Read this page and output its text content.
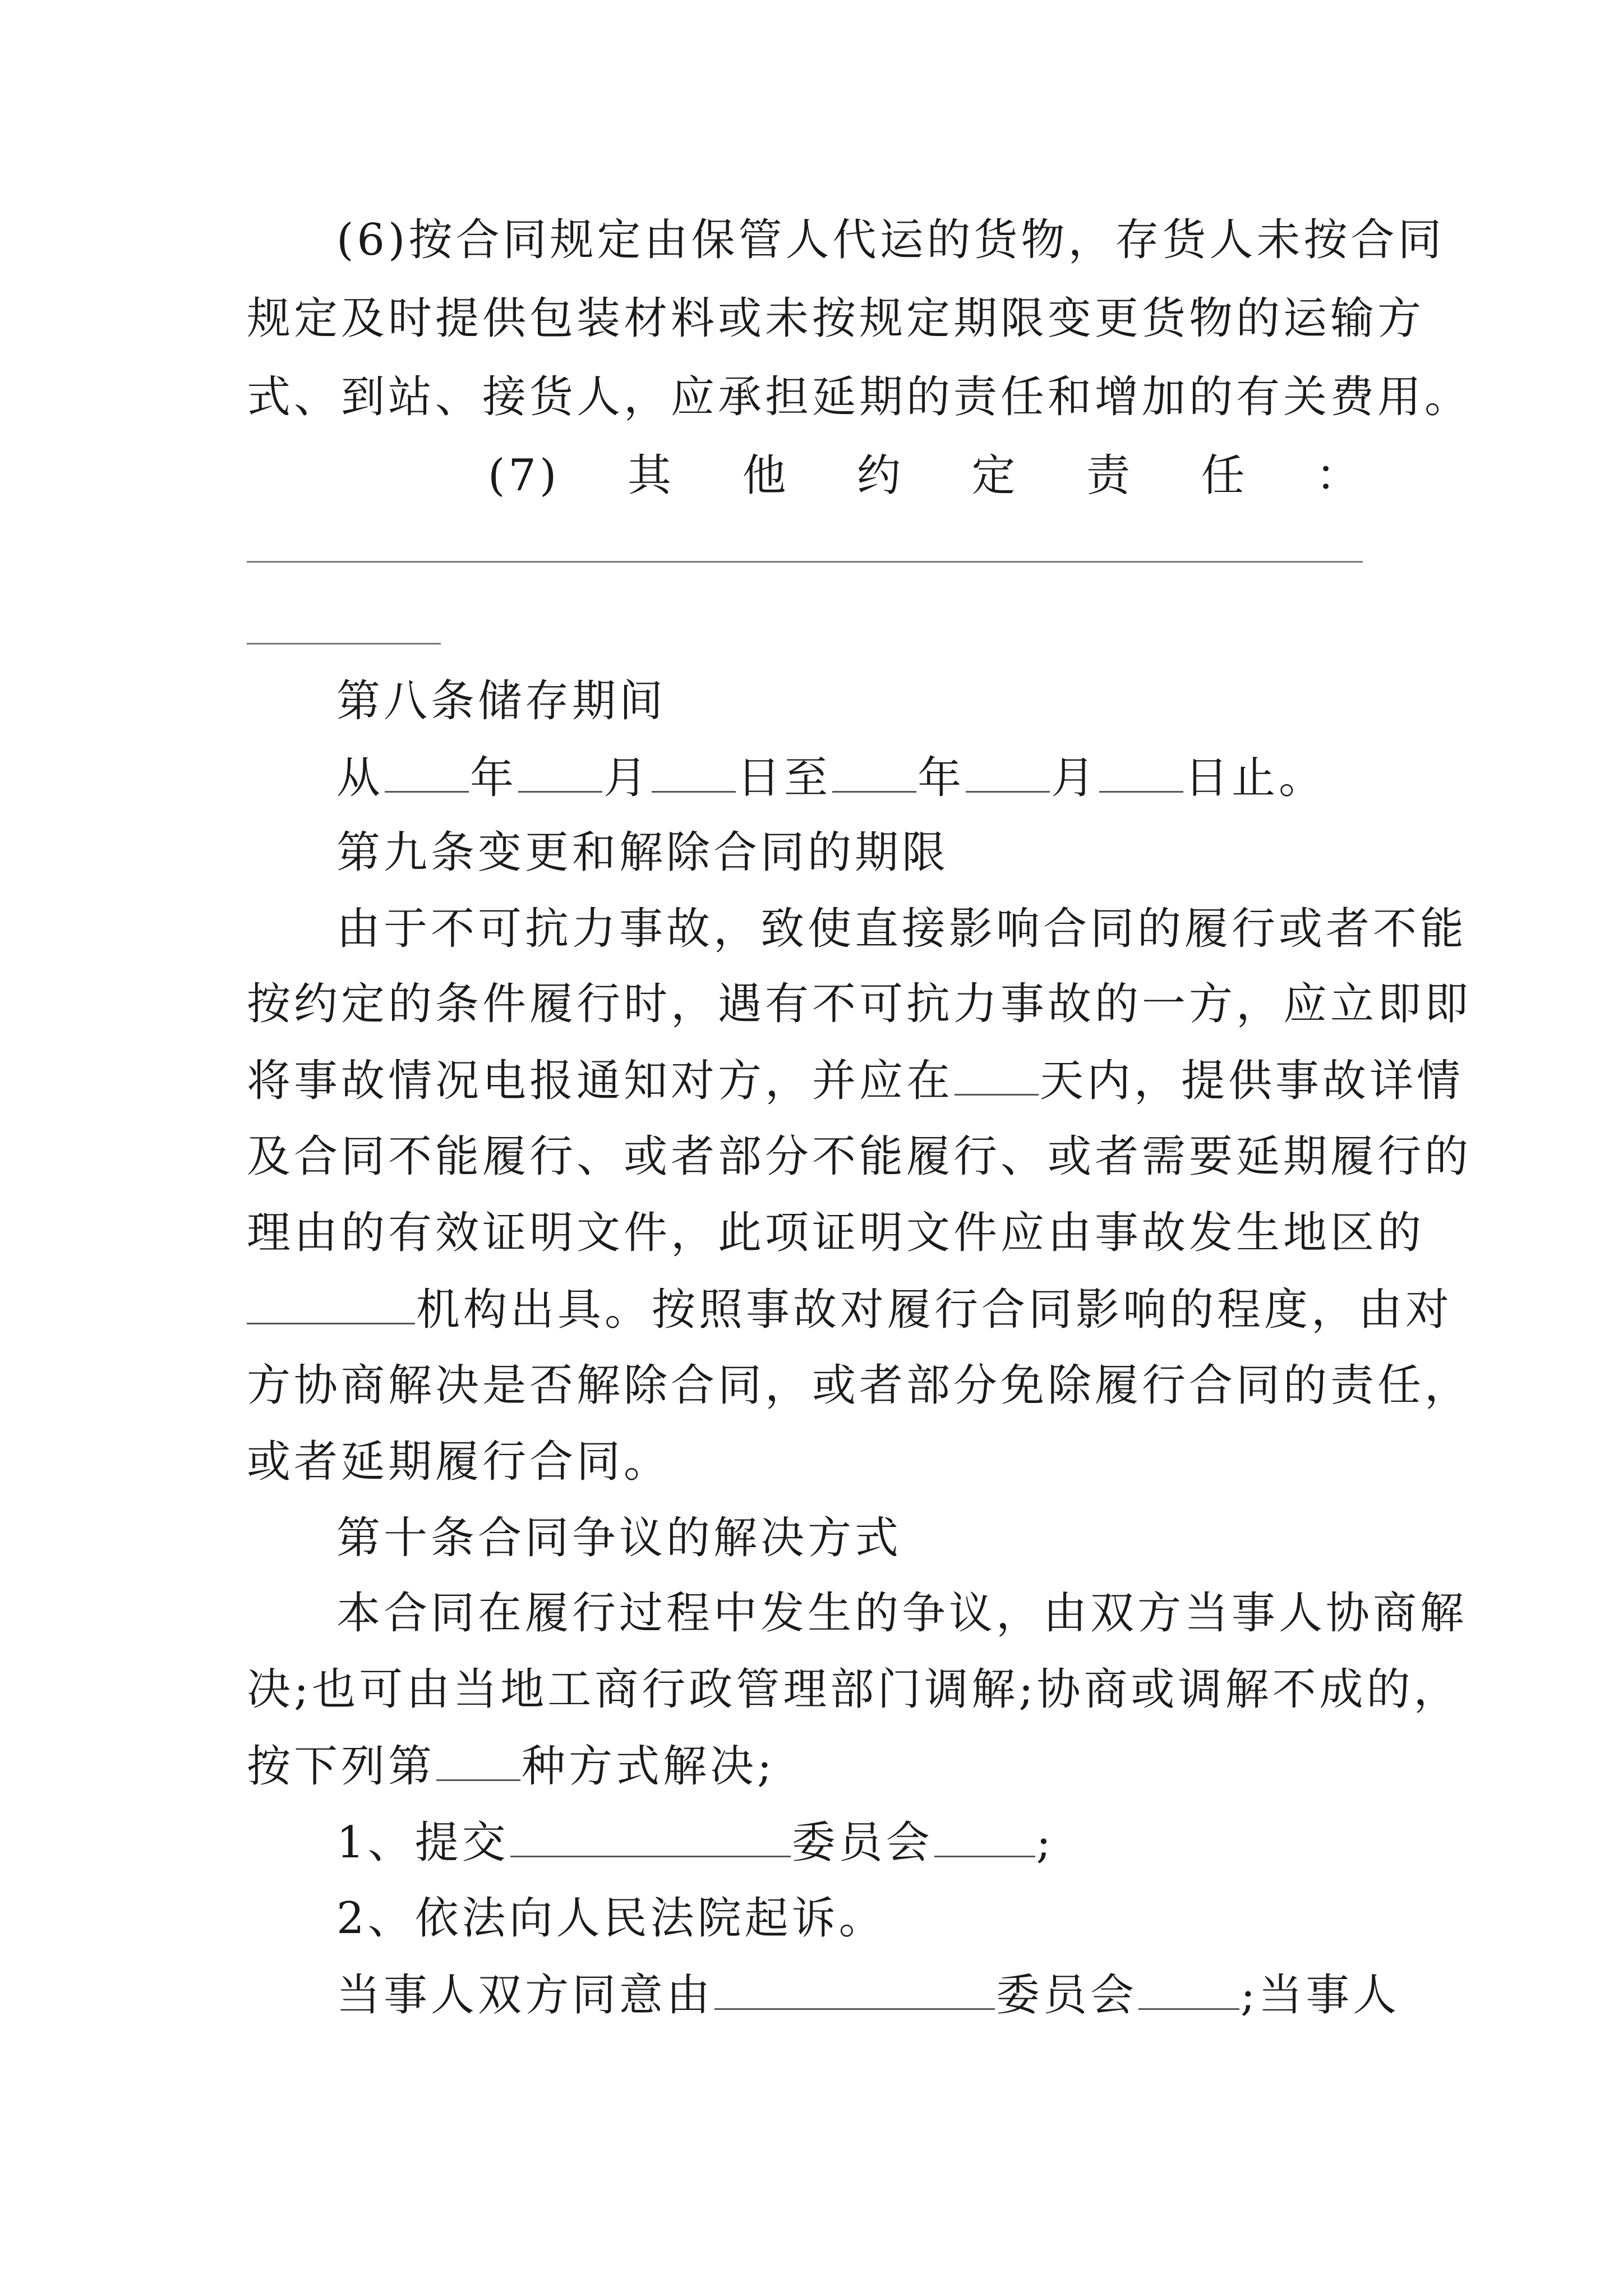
(6)按合同规定由保管人代运的货物，存货人未按合同
规定及时提供包装材料或未按规定期限变更货物的运输方
式、到站、接货人，应承担延期的责任和增加的有关费用。
(7) 其 他 约 定 责 任 ：
第八条储存期间
从 年 月 日至 年 月 日止。
第九条变更和解除合同的期限
由于不可抗力事故，致使直接影响合同的履行或者不能
按约定的条件履行时，遇有不可抗力事故的一方，应立即即
将事故情况电报通知对方，并应在 天内，提供事故详情
及合同不能履行、或者部分不能履行、或者需要延期履行的
理由的有效证明文件，此项证明文件应由事故发生地区的
机构出具。按照事故对履行合同影响的程度，由对
方协商解决是否解除合同，或者部分免除履行合同的责任，
或者延期履行合同。
第十条合同争议的解决方式
本合同在履行过程中发生的争议，由双方当事人协商解
决;也可由当地工商行政管理部门调解;协商或调解不成的，
按下列第 种方式解决;
1、提交	委员会 ;
2、依法向人民法院起诉。
当事人双方同意由	委员会 ;当事人
